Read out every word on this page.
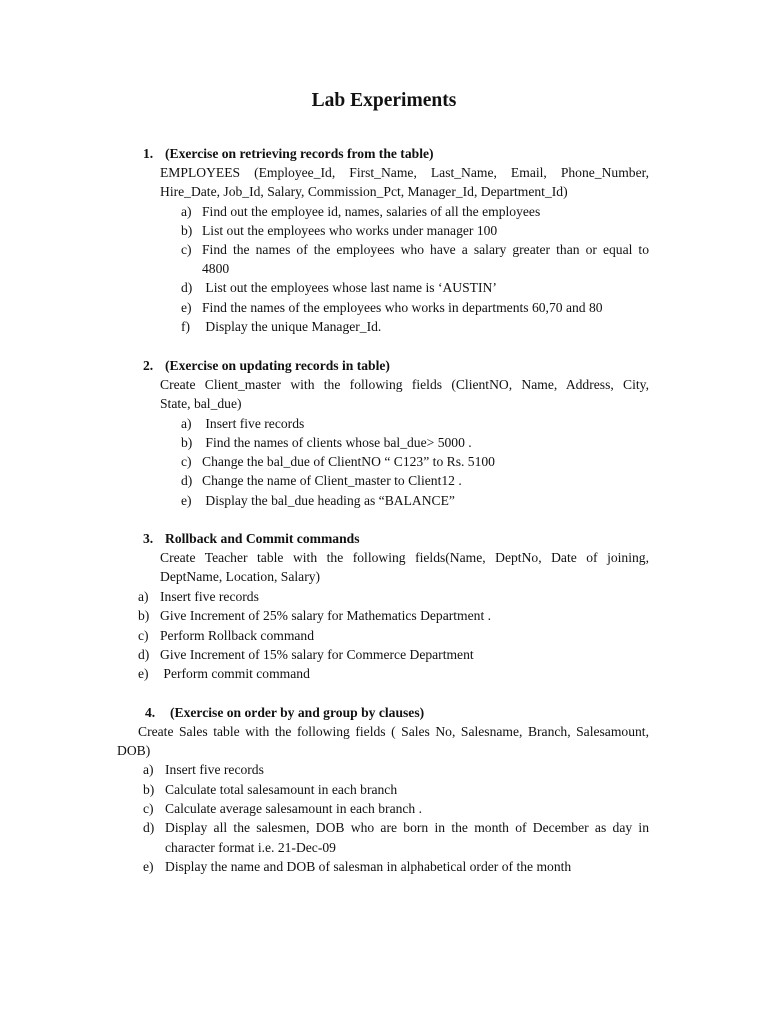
Lab Experiments
1. (Exercise on retrieving records from the table)
EMPLOYEES (Employee_Id, First_Name, Last_Name, Email, Phone_Number,
Hire_Date, Job_Id, Salary, Commission_Pct, Manager_Id, Department_Id)
a) Find out the employee id, names, salaries of all the employees
b) List out the employees who works under manager 100
c) Find the names of the employees who have a salary greater than or equal to
4800
d) List out the employees whose last name is ‘AUSTIN’
e) Find the names of the employees who works in departments 60,70 and 80
f) Display the unique Manager_Id.
2. (Exercise on updating records in table)
Create Client_master with the following fields (ClientNO, Name, Address, City,
State, bal_due)
a) Insert five records
b) Find the names of clients whose bal_due> 5000 .
c) Change the bal_due of ClientNO “ C123” to Rs. 5100
d) Change the name of Client_master to Client12 .
e) Display the bal_due heading as “BALANCE”
3. Rollback and Commit commands
Create Teacher table with the following fields(Name, DeptNo, Date of joining,
DeptName, Location, Salary)
a) Insert five records
b) Give Increment of 25% salary for Mathematics Department .
c) Perform Rollback command
d) Give Increment of 15% salary for Commerce Department
e) Perform commit command
4. (Exercise on order by and group by clauses)
Create Sales table with the following fields ( Sales No, Salesname, Branch, Salesamount,
DOB)
a) Insert five records
b) Calculate total salesamount in each branch
c) Calculate average salesamount in each branch .
d) Display all the salesmen, DOB who are born in the month of December as day in
character format i.e. 21-Dec-09
e) Display the name and DOB of salesman in alphabetical order of the month
